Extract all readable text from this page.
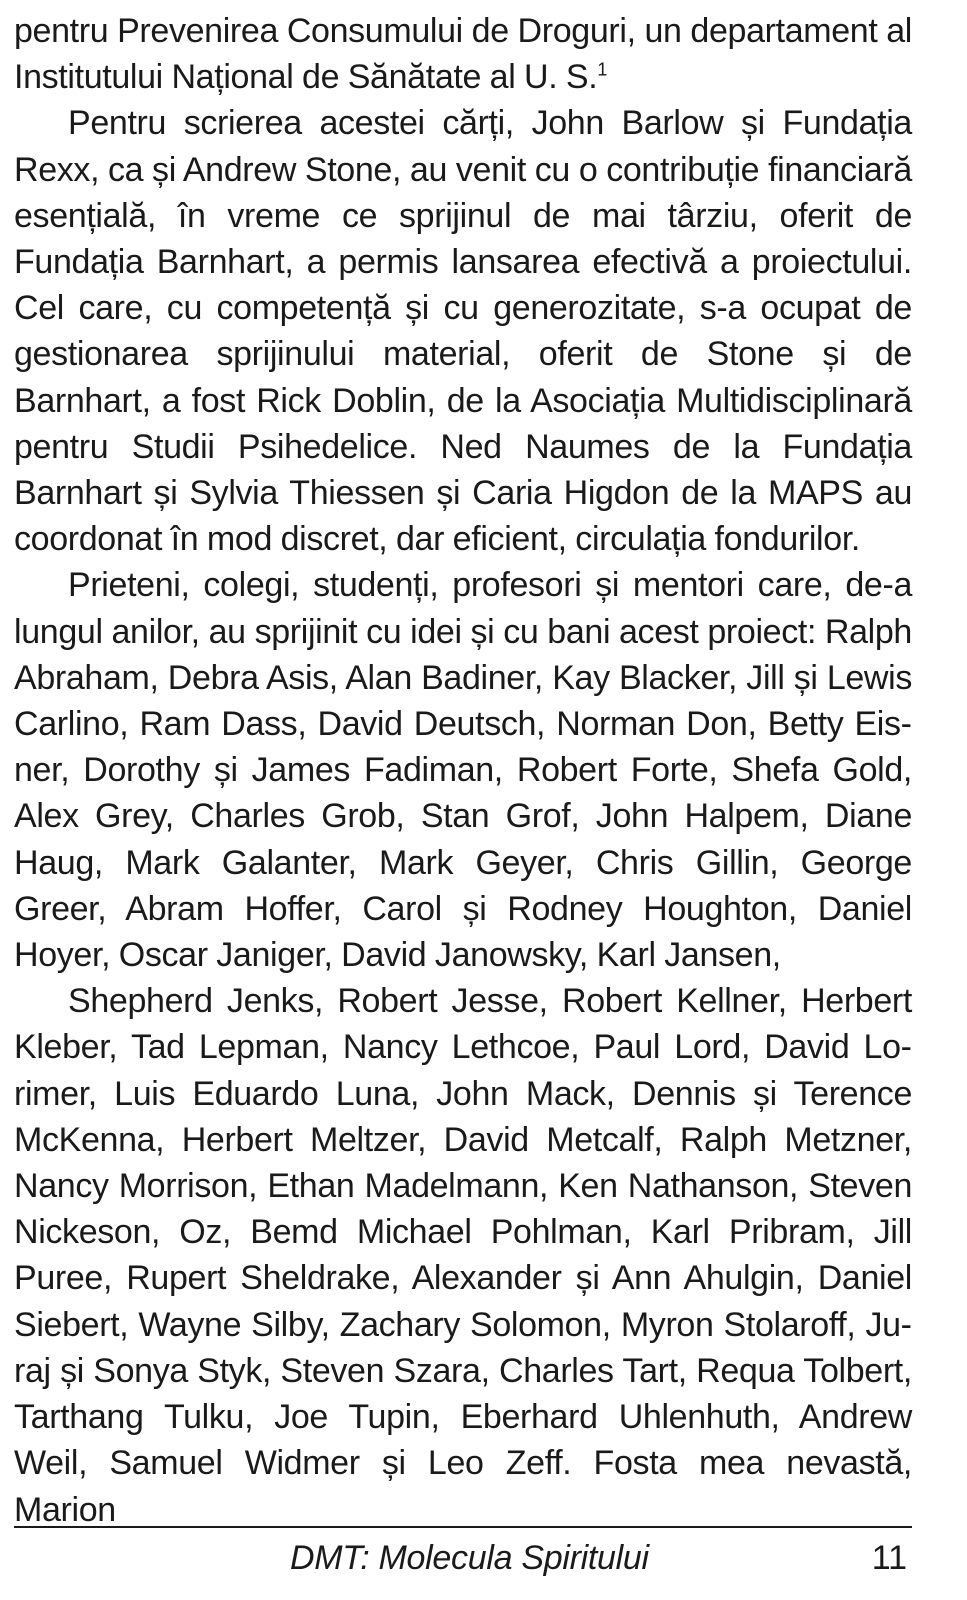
pentru Prevenirea Consumului de Droguri, un departament al Institutului Național de Sănătate al U. S.$^1$

Pentru scrierea acestei cărți, John Barlow și Fundația Rexx, ca și Andrew Stone, au venit cu o contribuție financiară esențială, în vreme ce sprijinul de mai târziu, oferit de Fundația Barnhart, a permis lansarea efectivă a proiectului. Cel care, cu competență și cu generozitate, s-a ocupat de gestionarea sprijinului material, oferit de Stone și de Barnhart, a fost Rick Doblin, de la Asociația Multidisciplinară pentru Studii Psihedelice. Ned Naumes de la Fundația Barnhart și Sylvia Thiessen și Caria Higdon de la MAPS au coordonat în mod discret, dar eficient, circulația fondurilor.

Prieteni, colegi, studenți, profesori și mentori care, de-a lungul anilor, au sprijinit cu idei și cu bani acest proiect: Ralph Abraham, Debra Asis, Alan Badiner, Kay Blacker, Jill și Lewis Carlino, Ram Dass, David Deutsch, Norman Don, Betty Eisner, Dorothy și James Fadiman, Robert Forte, Shefa Gold, Alex Grey, Charles Grob, Stan Grof, John Halpem, Diane Haug, Mark Galanter, Mark Geyer, Chris Gillin, George Greer, Abram Hoffer, Carol și Rodney Houghton, Daniel Hoyer, Oscar Janiger, David Janowsky, Karl Jansen,

Shepherd Jenks, Robert Jesse, Robert Kellner, Herbert Kleber, Tad Lepman, Nancy Lethcoe, Paul Lord, David Lorimer, Luis Eduardo Luna, John Mack, Dennis și Terence McKenna, Herbert Meltzer, David Metcalf, Ralph Metzner, Nancy Morrison, Ethan Madelmann, Ken Nathanson, Steven Nickeson, Oz, Bemd Michael Pohlman, Karl Pribram, Jill Puree, Rupert Sheldrake, Alexander și Ann Ahulgin, Daniel Siebert, Wayne Silby, Zachary Solomon, Myron Stolaroff, Juraj și Sonya Styk, Steven Szara, Charles Tart, Requa Tolbert, Tarthang Tulku, Joe Tupin, Eberhard Uhlenhuth, Andrew Weil, Samuel Widmer și Leo Zeff. Fosta mea nevastă, Marion

DMT: Molecula Spiritului	11
